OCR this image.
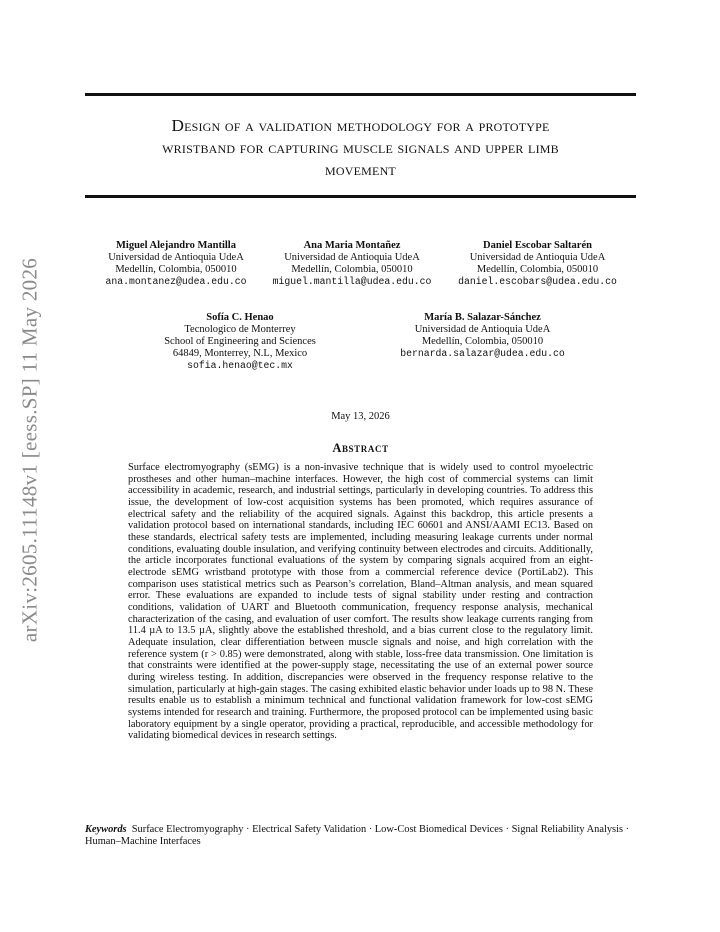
arXiv:2605.11148v1 [eess.SP] 11 May 2026
Design of a validation methodology for a prototype
wristband for capturing muscle signals and upper limb
movement
Miguel Alejandro Mantilla
Universidad de Antioquia UdeA
Medellín, Colombia, 050010
ana.montanez@udea.edu.co
Ana Maria Montañez
Universidad de Antioquia UdeA
Medellín, Colombia, 050010
miguel.mantilla@udea.edu.co
Daniel Escobar Saltarén
Universidad de Antioquia UdeA
Medellín, Colombia, 050010
daniel.escobars@udea.edu.co
Sofía C. Henao
Tecnologico de Monterrey
School of Engineering and Sciences
64849, Monterrey, N.L, Mexico
sofia.henao@tec.mx
María B. Salazar-Sánchez
Universidad de Antioquia UdeA
Medellín, Colombia, 050010
bernarda.salazar@udea.edu.co
May 13, 2026
Abstract
Surface electromyography (sEMG) is a non-invasive technique that is widely used to control myoelectric prostheses and other human–machine interfaces. However, the high cost of commercial systems can limit accessibility in academic, research, and industrial settings, particularly in developing countries. To address this issue, the development of low-cost acquisition systems has been promoted, which requires assurance of electrical safety and the reliability of the acquired signals. Against this backdrop, this article presents a validation protocol based on international standards, including IEC 60601 and ANSI/AAMI EC13. Based on these standards, electrical safety tests are implemented, including measuring leakage currents under normal conditions, evaluating double insulation, and verifying continuity between electrodes and circuits. Additionally, the article incorporates functional evaluations of the system by comparing signals acquired from an eight-electrode sEMG wristband prototype with those from a commercial reference device (PortiLab2). This comparison uses statistical metrics such as Pearson’s correlation, Bland–Altman analysis, and mean squared error. These evaluations are expanded to include tests of signal stability under resting and contraction conditions, validation of UART and Bluetooth communication, frequency response analysis, mechanical characterization of the casing, and evaluation of user comfort. The results show leakage currents ranging from 11.4 µA to 13.5 µA, slightly above the established threshold, and a bias current close to the regulatory limit. Adequate insulation, clear differentiation between muscle signals and noise, and high correlation with the reference system (r > 0.85) were demonstrated, along with stable, loss-free data transmission. One limitation is that constraints were identified at the power-supply stage, necessitating the use of an external power source during wireless testing. In addition, discrepancies were observed in the frequency response relative to the simulation, particularly at high-gain stages. The casing exhibited elastic behavior under loads up to 98 N. These results enable us to establish a minimum technical and functional validation framework for low-cost sEMG systems intended for research and training. Furthermore, the proposed protocol can be implemented using basic laboratory equipment by a single operator, providing a practical, reproducible, and accessible methodology for validating biomedical devices in research settings.
Keywords Surface Electromyography · Electrical Safety Validation · Low-Cost Biomedical Devices · Signal Reliability Analysis · Human–Machine Interfaces
